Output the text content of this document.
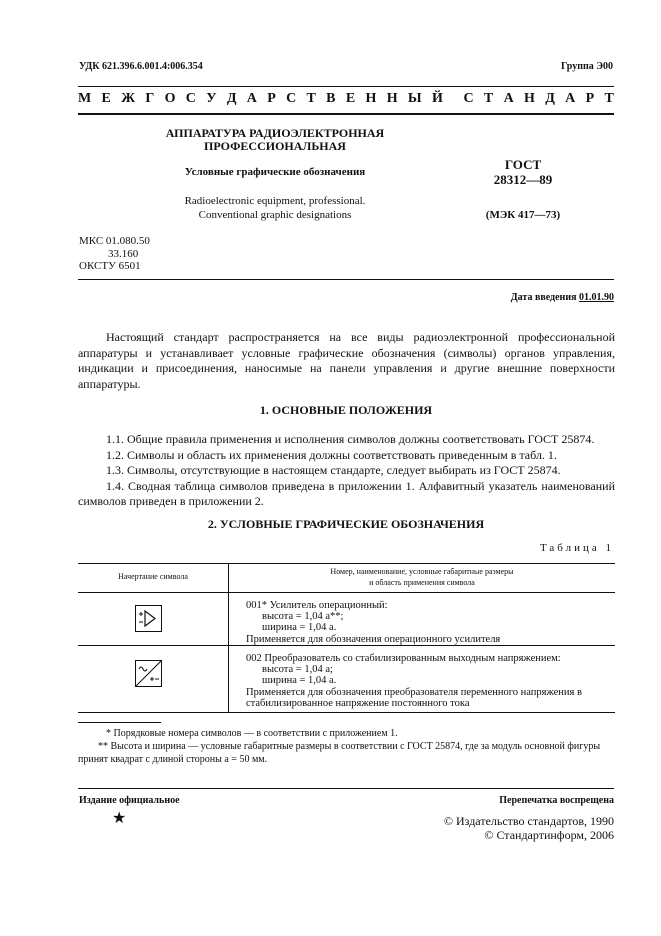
УДК 621.396.6.001.4:006.354	Группа Э00
М Е Ж Г О С У Д А Р С Т В Е Н Н Ы Й С Т А Н Д А Р Т
АППАРАТУРА РАДИОЭЛЕКТРОННАЯ
ПРОФЕССИОНАЛЬНАЯ
Условные графические обозначения
Radioelectronic equipment, professional.
Conventional graphic designations
ГОСТ
28312—89
(МЭК 417—73)
МКС 01.080.50
33.160
ОКСТУ 6501
Дата введения 01.01.90
Настоящий стандарт распространяется на все виды радиоэлектронной профессиональной аппаратуры и устанавливает условные графические обозначения (символы) органов управления, индикации и присоединения, наносимые на панели управления и другие внешние поверхности аппаратуры.
1. ОСНОВНЫЕ ПОЛОЖЕНИЯ

1.1. Общие правила применения и исполнения символов должны соответствовать ГОСТ 25874.

1.2. Символы и область их применения должны соответствовать приведенным в табл. 1.

1.3. Символы, отсутствующие в настоящем стандарте, следует выбирать из ГОСТ 25874.

1.4. Сводная таблица символов приведена в приложении 1. Алфавитный указатель наименований символов приведен в приложении 2.

2. УСЛОВНЫЕ ГРАФИЧЕСКИЕ ОБОЗНАЧЕНИЯ
Таблица 1
Начертание символа
Номер, наименование, условные габаритные размеры
и область применения символа
001* Усилитель операционный:
высота = 1,04 a**;
ширина = 1,04 a.
Применяется для обозначения операционного усилителя
002 Преобразователь со стабилизированным выходным напряжением:
высота = 1,04 a;
ширина = 1,04 a.
Применяется для обозначения преобразователя переменного напряжения в стабилизированное напряжение постоянного тока

* Порядковые номера символов — в соответствии с приложением 1.

** Высота и ширина — условные габаритные размеры в соответствии с ГОСТ 25874, где за модуль основной фигуры принят квадрат с длиной стороны a = 50 мм.

Издание официальное	Перепечатка воспрещена
★	© Издательство стандартов, 1990
© Стандартинформ, 2006
